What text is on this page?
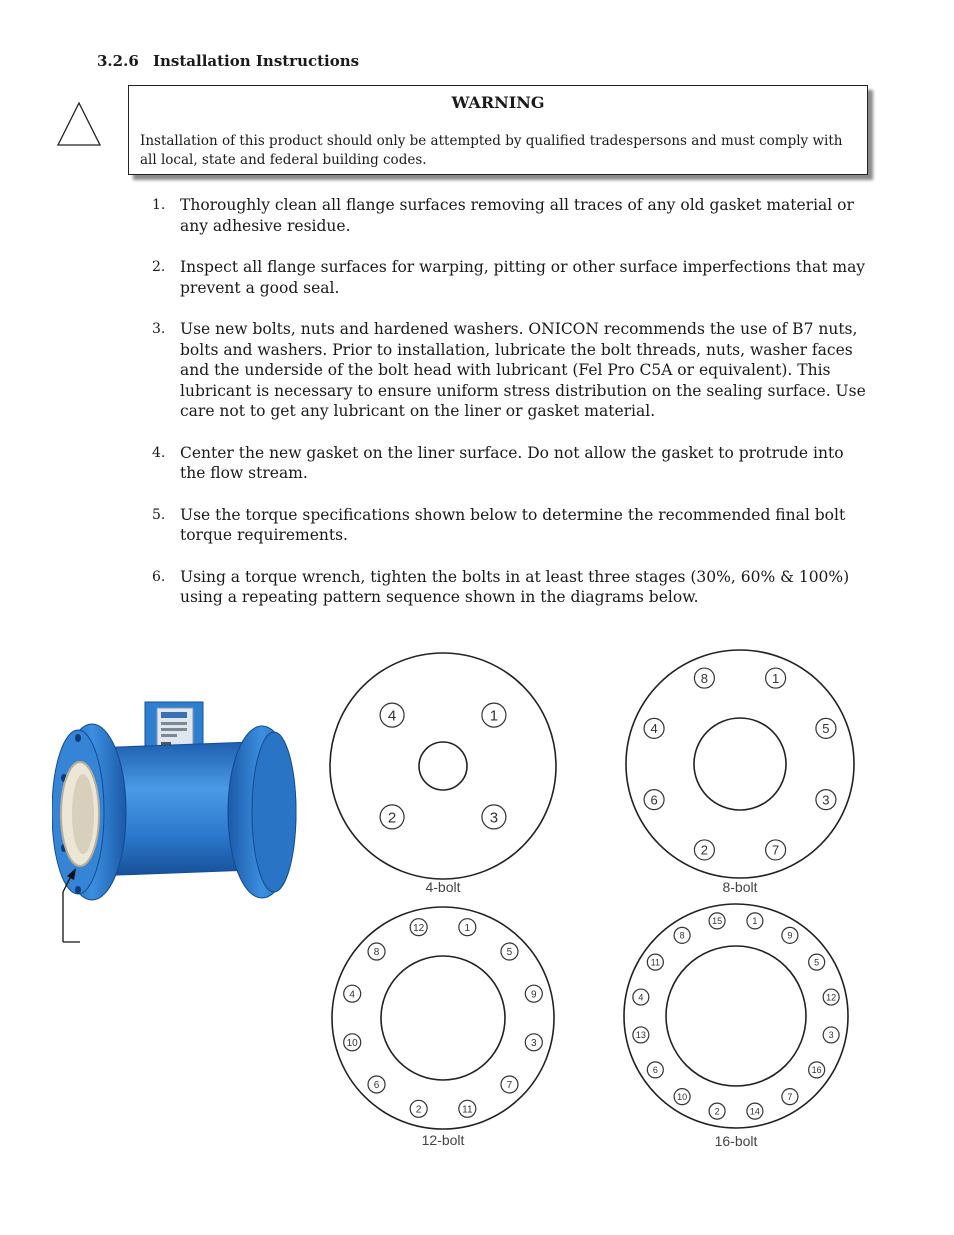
3.2.6 Installation Instructions
WARNING
Installation of this product should only be attempted by qualified tradespersons and must comply with all local, state and federal building codes.
1. Thoroughly clean all flange surfaces removing all traces of any old gasket material or any adhesive residue.
2. Inspect all flange surfaces for warping, pitting or other surface imperfections that may prevent a good seal.
3. Use new bolts, nuts and hardened washers. ONICON recommends the use of B7 nuts, bolts and washers. Prior to installation, lubricate the bolt threads, nuts, washer faces and the underside of the bolt head with lubricant (Fel Pro C5A or equivalent). This lubricant is necessary to ensure uniform stress distribution on the sealing surface. Use care not to get any lubricant on the liner or gasket material.
4. Center the new gasket on the liner surface. Do not allow the gasket to protrude into the flow stream.
5. Use the torque specifications shown below to determine the recommended final bolt torque requirements.
6. Using a torque wrench, tighten the bolts in at least three stages (30%, 60% & 100%) using a repeating pattern sequence shown in the diagrams below.
1
3
2
4
4-bolt
1
5
3
7
2
6
4
8
8-bolt
1
5
9
3
7
11
2
6
10
4
8
12
12-bolt
1
9
5
12
3
16
7
14
2
10
6
13
4
11
8
15
16-bolt
